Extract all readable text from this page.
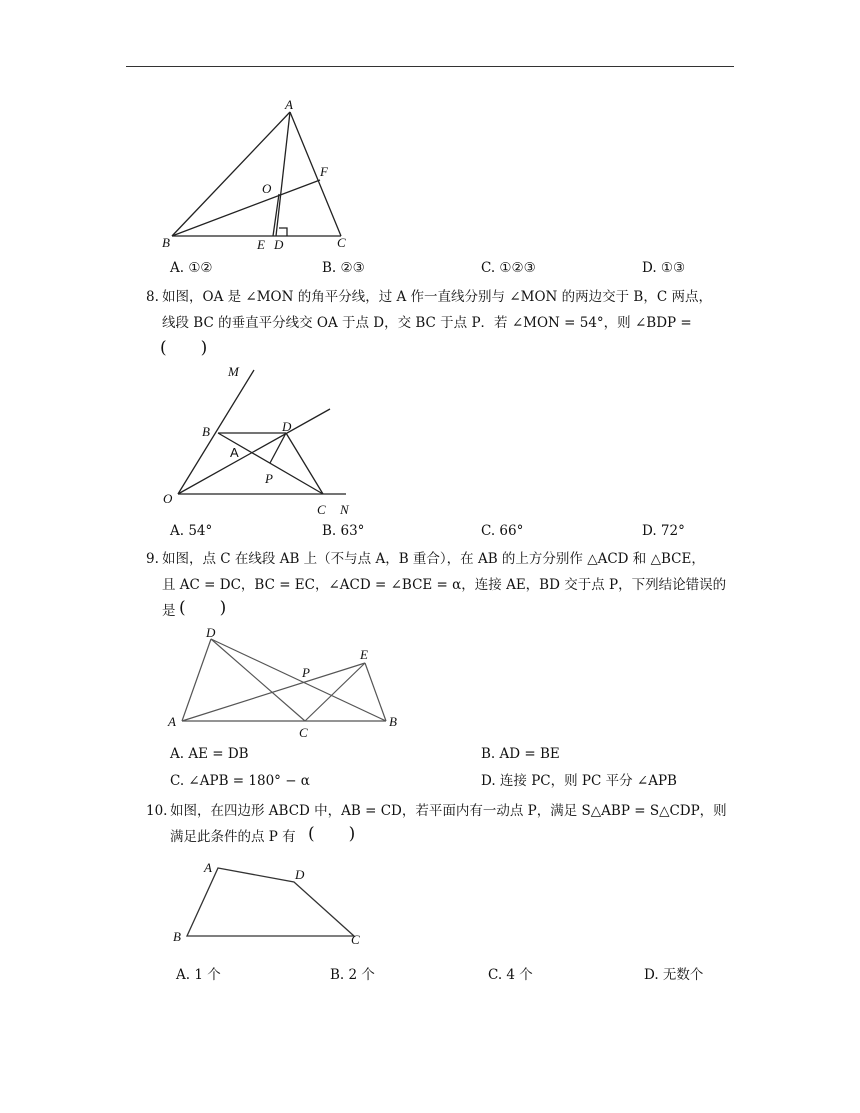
A
F
O
B	E D	C
A. ①②	B. ②③	C. ①②③	D. ①③
8. 如图，OA 是 ∠MON 的角平分线，过 A 作一直线分别与 ∠MON 的两边交于 B，C 两点，
线段 BC 的垂直平分线交 OA 于点 D，交 BC 于点 P．若 ∠MON = 54°，则 ∠BDP =
(　　)
M
B	D
A
P
O
C N
A. 54°	B. 63°	C. 66°	D. 72°
9. 如图，点 C 在线段 AB 上（不与点 A，B 重合），在 AB 的上方分别作 △ACD 和 △BCE，
且 AC = DC，BC = EC，∠ACD = ∠BCE = α，连接 AE，BD 交于点 P，下列结论错误的
是 (　　)
D
E
P
A
C
B
A. AE = DB	B. AD = BE
C. ∠APB = 180° − α	D. 连接 PC，则 PC 平分 ∠APB
10. 如图，在四边形 ABCD 中，AB = CD，若平面内有一动点 P，满足 S△ABP = S△CDP，则
满足此条件的点 P 有 (　　)
A	D
B	C
A. 1 个	B. 2 个	C. 4 个	D. 无数个
